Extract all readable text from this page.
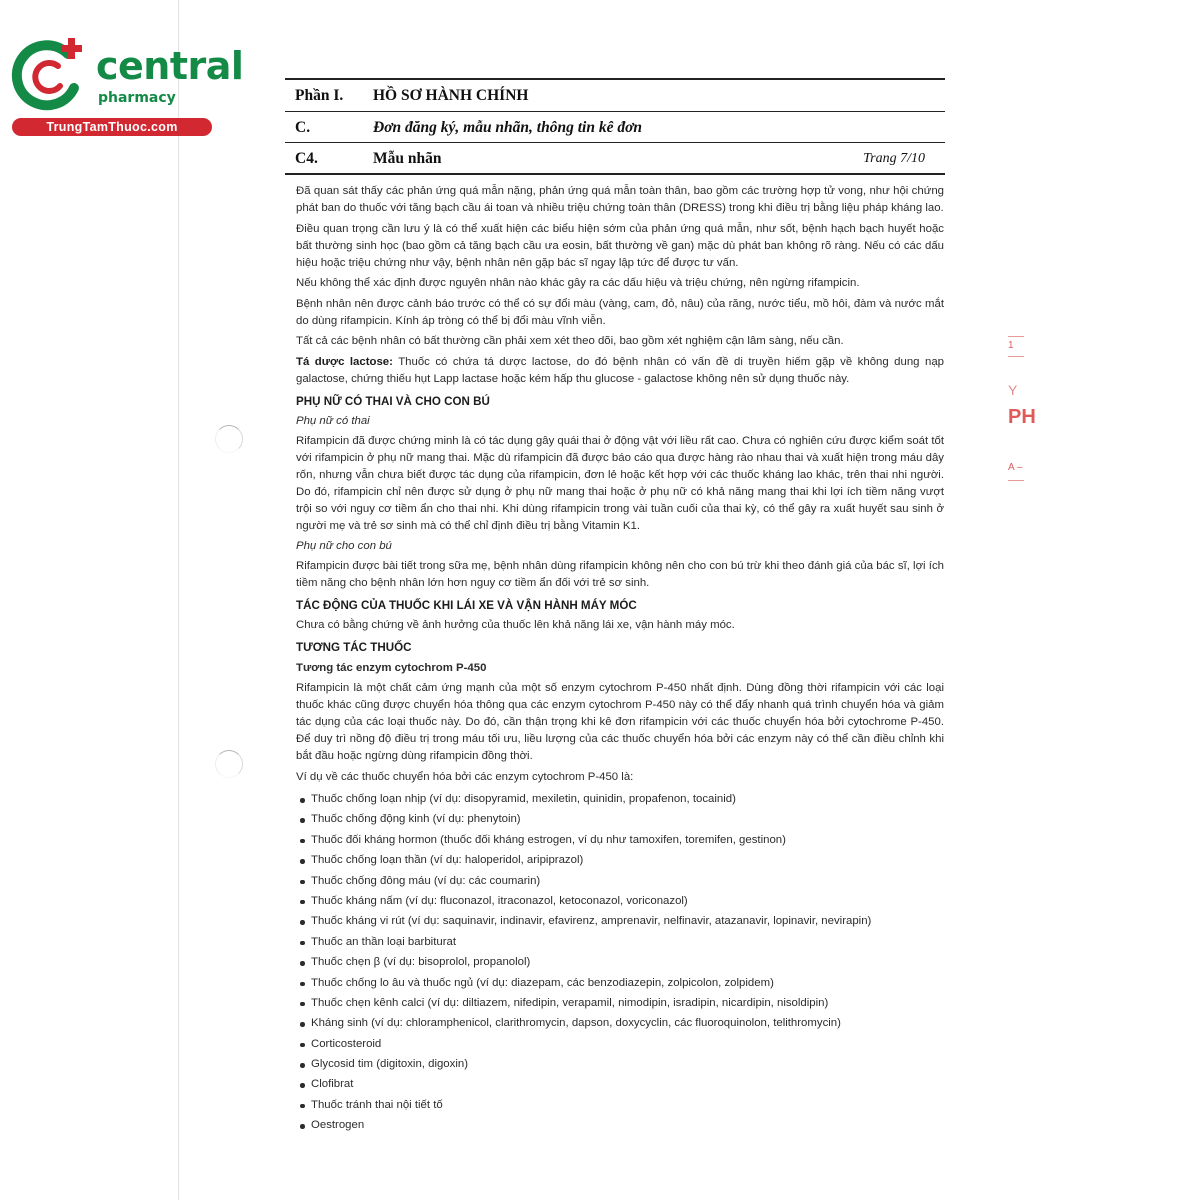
central
pharmacy
TrungTamThuoc.com
Phần I. HỒ SƠ HÀNH CHÍNH
C.	Đơn đăng ký, mẫu nhãn, thông tin kê đơn
C4.	Mẫu nhãn	Trang 7/10

Đã quan sát thấy các phản ứng quá mẫn nặng, phản ứng quá mẫn toàn thân, bao gồm các trường hợp tử vong, như hội chứng phát ban do thuốc với tăng bạch cầu ái toan và nhiều triệu chứng toàn thân (DRESS) trong khi điều trị bằng liệu pháp kháng lao.

Điều quan trọng cần lưu ý là có thể xuất hiện các biểu hiện sớm của phản ứng quá mẫn, như sốt, bệnh hạch bạch huyết hoặc bất thường sinh học (bao gồm cả tăng bạch cầu ưa eosin, bất thường về gan) mặc dù phát ban không rõ ràng. Nếu có các dấu hiệu hoặc triệu chứng như vậy, bệnh nhân nên gặp bác sĩ ngay lập tức để được tư vấn.

Nếu không thể xác định được nguyên nhân nào khác gây ra các dấu hiệu và triệu chứng, nên ngừng rifampicin.

Bệnh nhân nên được cảnh báo trước có thể có sự đổi màu (vàng, cam, đỏ, nâu) của răng, nước tiểu, mồ hôi, đàm và nước mắt do dùng rifampicin. Kính áp tròng có thể bị đổi màu vĩnh viễn.

Tất cả các bệnh nhân có bất thường cần phải xem xét theo dõi, bao gồm xét nghiệm cận lâm sàng, nếu cần.

Tá dược lactose: Thuốc có chứa tá dược lactose, do đó bệnh nhân có vấn đề di truyền hiếm gặp về không dung nạp galactose, chứng thiếu hụt Lapp lactase hoặc kém hấp thu glucose - galactose không nên sử dụng thuốc này.

PHỤ NỮ CÓ THAI VÀ CHO CON BÚ
Phụ nữ có thai

Rifampicin đã được chứng minh là có tác dụng gây quái thai ở động vật với liều rất cao. Chưa có nghiên cứu được kiểm soát tốt với rifampicin ở phụ nữ mang thai. Mặc dù rifampicin đã được báo cáo qua được hàng rào nhau thai và xuất hiện trong máu dây rốn, nhưng vẫn chưa biết được tác dụng của rifampicin, đơn lẻ hoặc kết hợp với các thuốc kháng lao khác, trên thai nhi người. Do đó, rifampicin chỉ nên được sử dụng ở phụ nữ mang thai hoặc ở phụ nữ có khả năng mang thai khi lợi ích tiềm năng vượt trội so với nguy cơ tiềm ẩn cho thai nhi. Khi dùng rifampicin trong vài tuần cuối của thai kỳ, có thể gây ra xuất huyết sau sinh ở người mẹ và trẻ sơ sinh mà có thể chỉ định điều trị bằng Vitamin K1.

Phụ nữ cho con bú

Rifampicin được bài tiết trong sữa mẹ, bệnh nhân dùng rifampicin không nên cho con bú trừ khi theo đánh giá của bác sĩ, lợi ích tiềm năng cho bệnh nhân lớn hơn nguy cơ tiềm ẩn đối với trẻ sơ sinh.

TÁC ĐỘNG CỦA THUỐC KHI LÁI XE VÀ VẬN HÀNH MÁY MÓC

Chưa có bằng chứng về ảnh hưởng của thuốc lên khả năng lái xe, vận hành máy móc.

TƯƠNG TÁC THUỐC
Tương tác enzym cytochrom P-450

Rifampicin là một chất cảm ứng mạnh của một số enzym cytochrom P-450 nhất định. Dùng đồng thời rifampicin với các loại thuốc khác cũng được chuyển hóa thông qua các enzym cytochrom P-450 này có thể đẩy nhanh quá trình chuyển hóa và giảm tác dụng của các loại thuốc này. Do đó, cần thận trọng khi kê đơn rifampicin với các thuốc chuyển hóa bởi cytochrome P-450. Để duy trì nồng độ điều trị trong máu tối ưu, liều lượng của các thuốc chuyển hóa bởi các enzym này có thể cần điều chỉnh khi bắt đầu hoặc ngừng dùng rifampicin đồng thời.

Ví dụ về các thuốc chuyển hóa bởi các enzym cytochrom P-450 là:

Thuốc chống loạn nhịp (ví dụ: disopyramid, mexiletin, quinidin, propafenon, tocainid)
Thuốc chống động kinh (ví dụ: phenytoin)
Thuốc đối kháng hormon (thuốc đối kháng estrogen, ví dụ như tamoxifen, toremifen, gestinon)
Thuốc chống loạn thần (ví dụ: haloperidol, aripiprazol)
Thuốc chống đông máu (ví dụ: các coumarin)
Thuốc kháng nấm (ví dụ: fluconazol, itraconazol, ketoconazol, voriconazol)
Thuốc kháng vi rút (ví dụ: saquinavir, indinavir, efavirenz, amprenavir, nelfinavir, atazanavir, lopinavir, nevirapin)
Thuốc an thần loại barbiturat
Thuốc chẹn β (ví dụ: bisoprolol, propanolol)
Thuốc chống lo âu và thuốc ngủ (ví dụ: diazepam, các benzodiazepin, zolpicolon, zolpidem)
Thuốc chẹn kênh calci (ví dụ: diltiazem, nifedipin, verapamil, nimodipin, isradipin, nicardipin, nisoldipin)
Kháng sinh (ví dụ: chloramphenicol, clarithromycin, dapson, doxycyclin, các fluoroquinolon, telithromycin)
Corticosteroid
Glycosid tim (digitoxin, digoxin)
Clofibrat
Thuốc tránh thai nội tiết tố
Oestrogen
1
Y
PH
A –
